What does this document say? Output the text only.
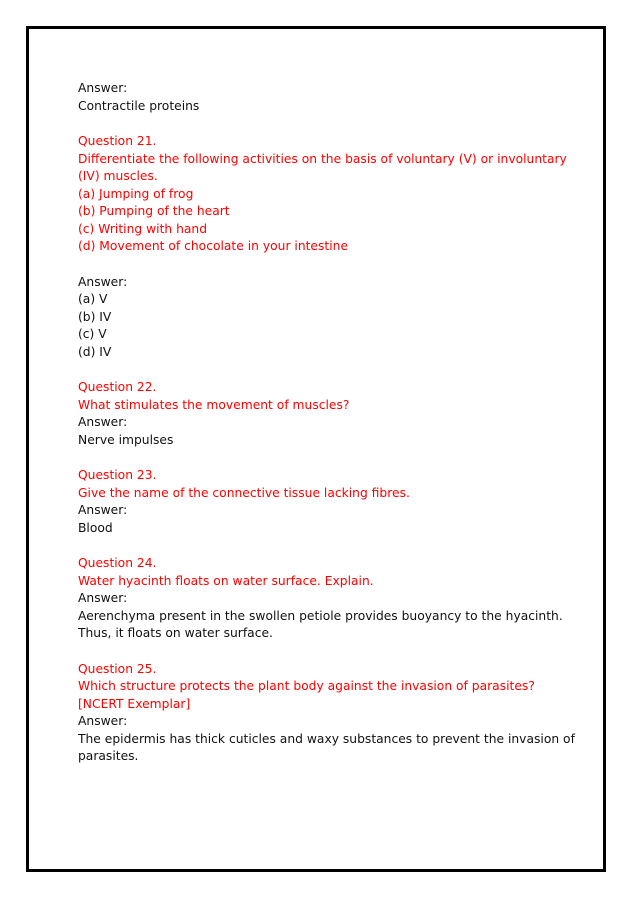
Answer:
Contractile proteins
Question 21.
Differentiate the following activities on the basis of voluntary (V) or involuntary
(IV) muscles.
(a) Jumping of frog
(b) Pumping of the heart
(c) Writing with hand
(d) Movement of chocolate in your intestine
Answer:
(a) V
(b) IV
(c) V
(d) IV
Question 22.
What stimulates the movement of muscles?
Answer:
Nerve impulses
Question 23.
Give the name of the connective tissue lacking fibres.
Answer:
Blood
Question 24.
Water hyacinth floats on water surface. Explain.
Answer:
Aerenchyma present in the swollen petiole provides buoyancy to the hyacinth.
Thus, it floats on water surface.
Question 25.
Which structure protects the plant body against the invasion of parasites?
[NCERT Exemplar]
Answer:
The epidermis has thick cuticles and waxy substances to prevent the invasion of
parasites.
